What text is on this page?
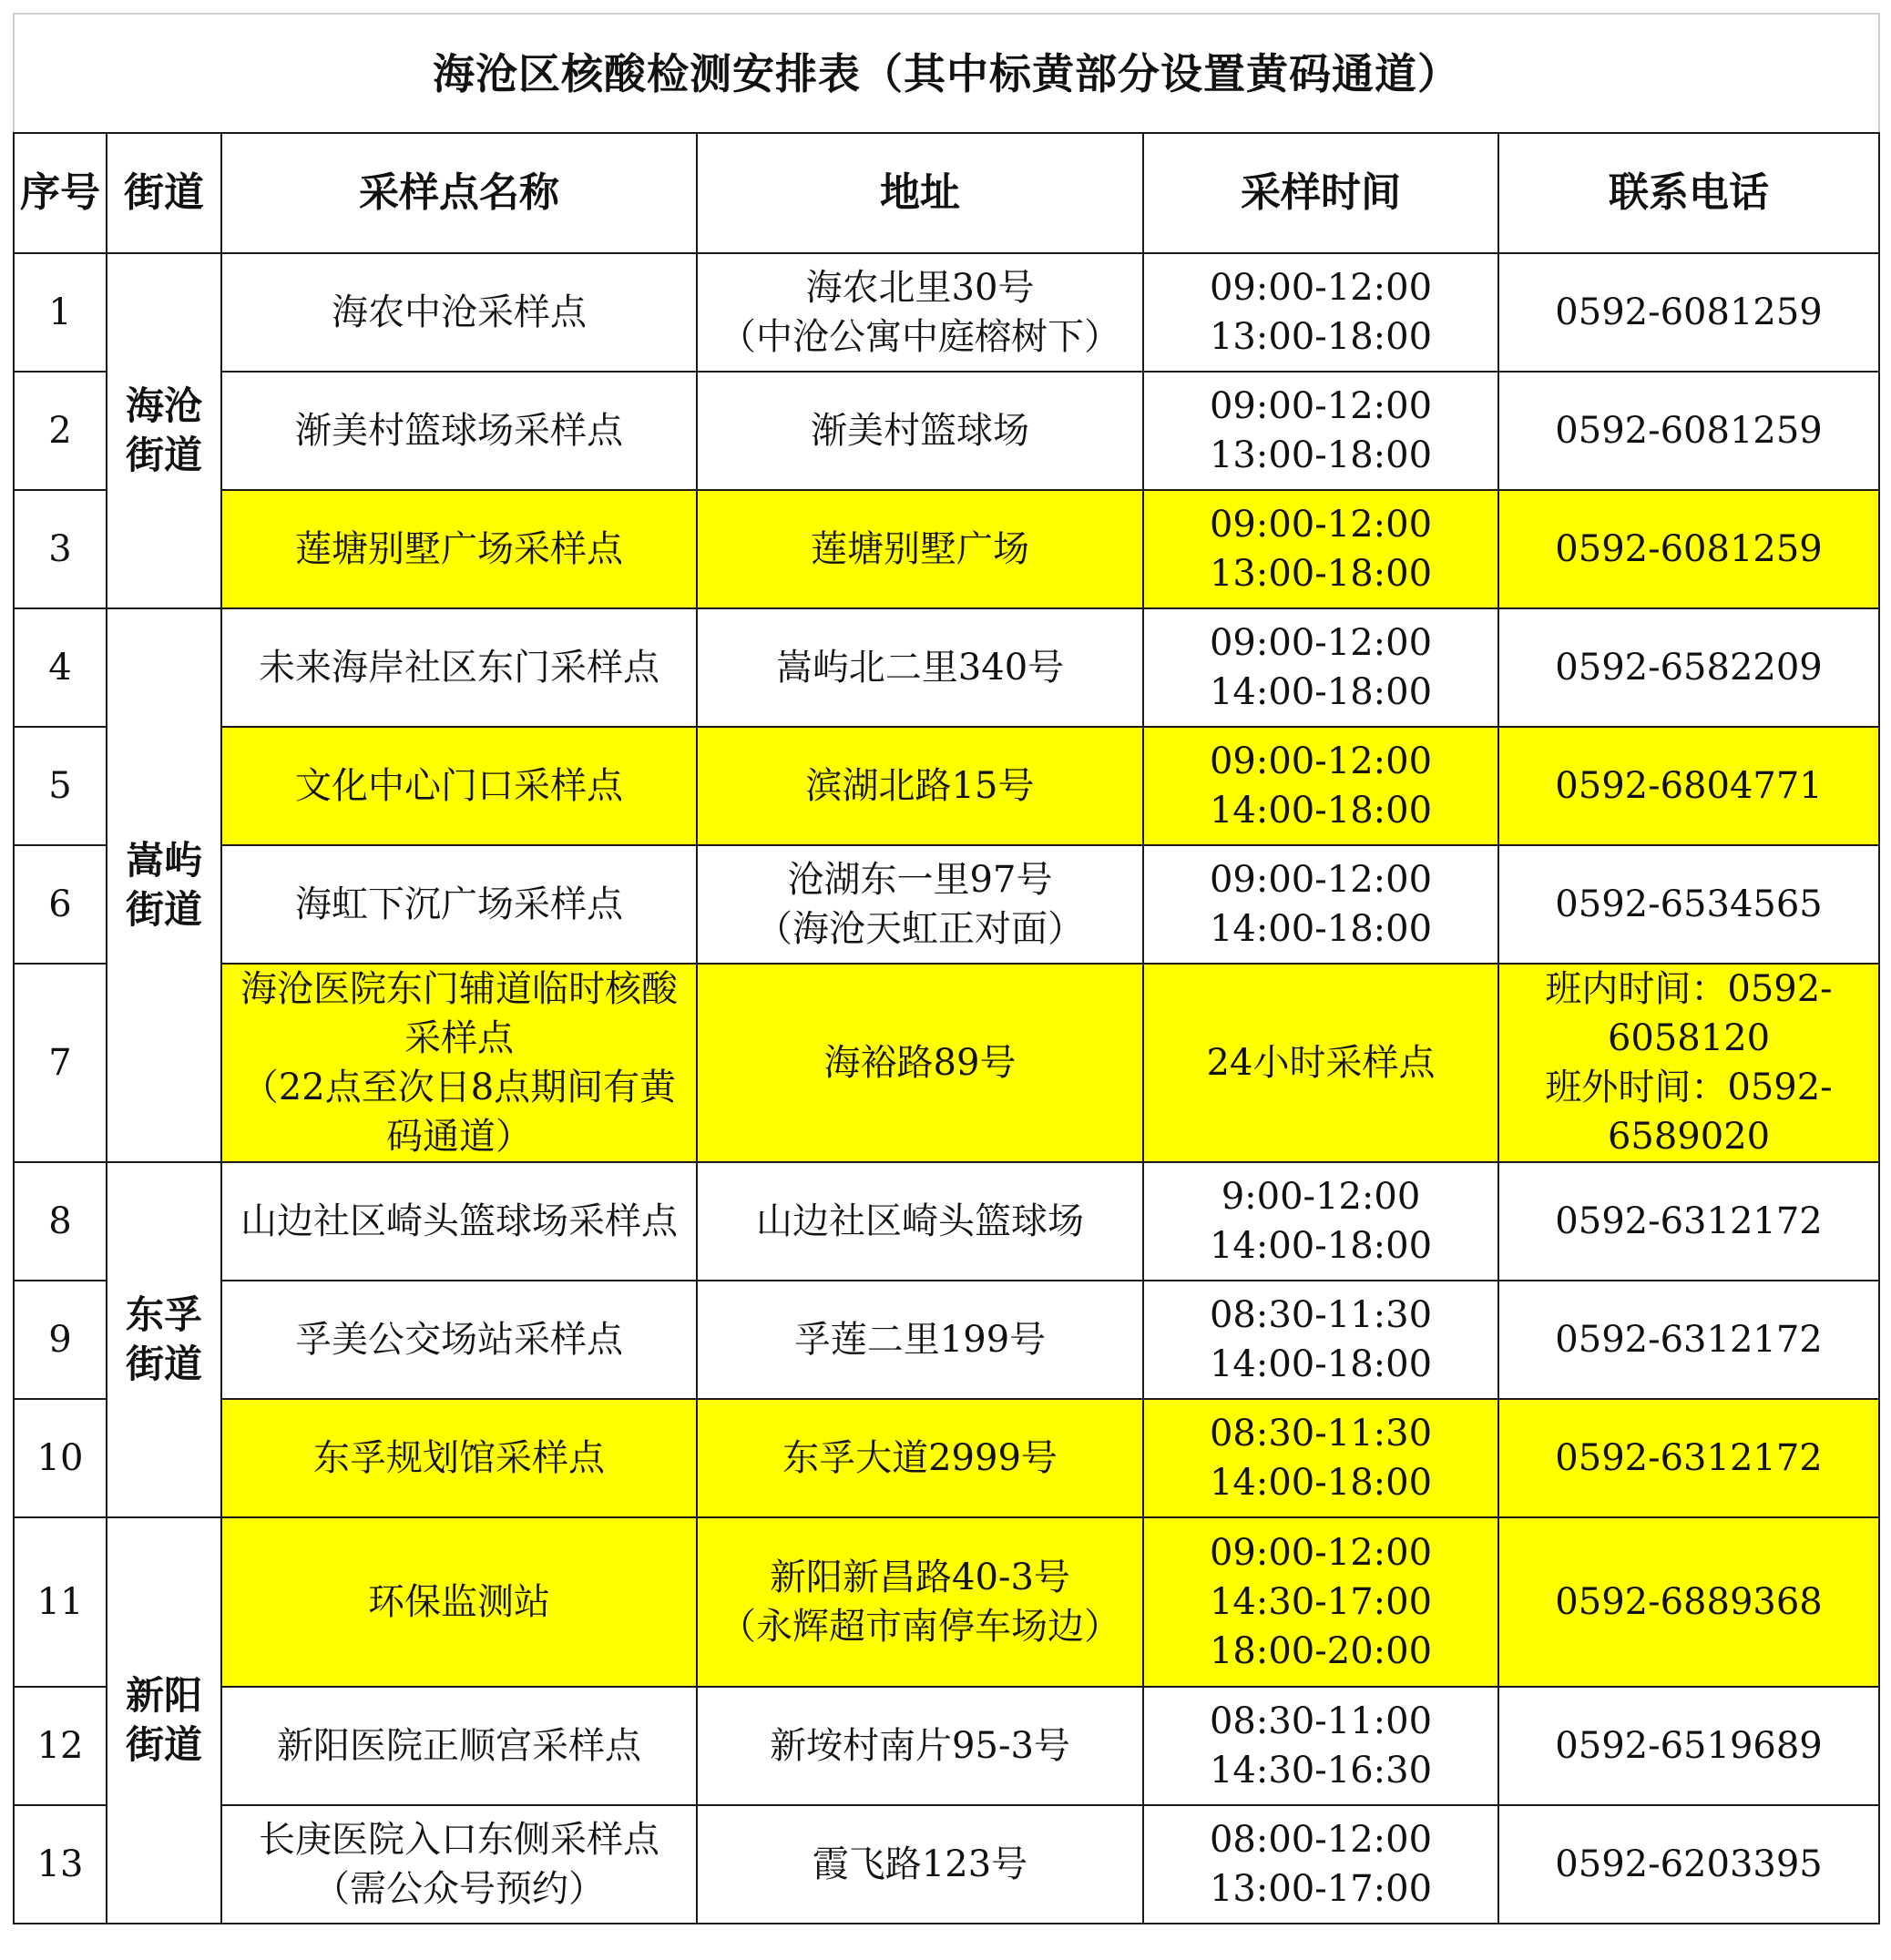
海沧区核酸检测安排表（其中标黄部分设置黄码通道）					
序号	街道	采样点名称	地址	采样时间	联系电话
1	海沧
街道	海农中沧采样点	海农北里30号
（中沧公寓中庭榕树下）	09:00-12:00
13:00-18:00	0592-6081259

2		渐美村篮球场采样点	渐美村篮球场	09:00-12:00
13:00-18:00	0592-6081259

3		莲塘别墅广场采样点	莲塘别墅广场	09:00-12:00
13:00-18:00	0592-6081259

4	嵩屿
街道	未来海岸社区东门采样点	嵩屿北二里340号	09:00-12:00
14:00-18:00	0592-6582209

5		文化中心门口采样点	滨湖北路15号	09:00-12:00
14:00-18:00	0592-6804771

6		海虹下沉广场采样点	沧湖东一里97号
（海沧天虹正对面）	09:00-12:00
14:00-18:00	0592-6534565

7		海沧医院东门辅道临时核酸
采样点
（22点至次日8点期间有黄
码通道）	海裕路89号	24小时采样点	班内时间：0592-
6058120
班外时间：0592-
6589020

8	东孚
街道	山边社区崎头篮球场采样点	山边社区崎头篮球场	9:00-12:00
14:00-18:00	0592-6312172

9		孚美公交场站采样点	孚莲二里199号	08:30-11:30
14:00-18:00	0592-6312172

10		东孚规划馆采样点	东孚大道2999号	08:30-11:30
14:00-18:00	0592-6312172

11	新阳
街道	环保监测站	新阳新昌路40-3号
（永辉超市南停车场边）	09:00-12:00
14:30-17:00
18:00-20:00	0592-6889368

12		新阳医院正顺宫采样点	新垵村南片95-3号	08:30-11:00
14:30-16:30	0592-6519689

13		长庚医院入口东侧采样点
（需公众号预约）	霞飞路123号	08:00-12:00
13:00-17:00	0592-6203395
